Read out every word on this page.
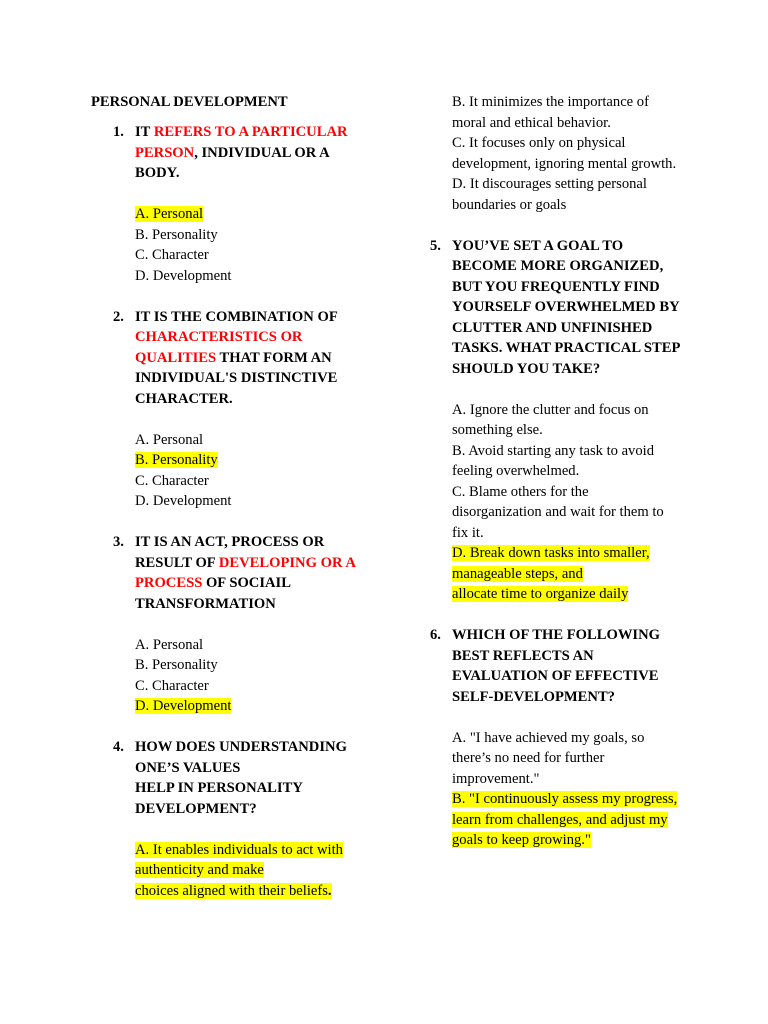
PERSONAL DEVELOPMENT
1. IT REFERS TO A PARTICULAR PERSON, INDIVIDUAL OR A BODY.
A. Personal
B. Personality
C. Character
D. Development
2. IT IS THE COMBINATION OF CHARACTERISTICS OR QUALITIES THAT FORM AN INDIVIDUAL'S DISTINCTIVE CHARACTER.
A. Personal
B. Personality
C. Character
D. Development
3. IT IS AN ACT, PROCESS OR RESULT OF DEVELOPING OR A PROCESS OF SOCIAIL TRANSFORMATION
A. Personal
B. Personality
C. Character
D. Development
4. HOW DOES UNDERSTANDING ONE’S VALUES
HELP IN PERSONALITY DEVELOPMENT?
A. It enables individuals to act with authenticity and make
choices aligned with their beliefs.
B. It minimizes the importance of moral and ethical behavior.
C. It focuses only on physical development, ignoring mental growth.
D. It discourages setting personal boundaries or goals
5. YOU’VE SET A GOAL TO BECOME MORE ORGANIZED, BUT YOU FREQUENTLY FIND YOURSELF OVERWHELMED BY CLUTTER AND UNFINISHED TASKS. WHAT PRACTICAL STEP SHOULD YOU TAKE?
A. Ignore the clutter and focus on something else.
B. Avoid starting any task to avoid feeling overwhelmed.
C. Blame others for the disorganization and wait for them to fix it.
D. Break down tasks into smaller, manageable steps, and
allocate time to organize daily
6. WHICH OF THE FOLLOWING BEST REFLECTS AN EVALUATION OF EFFECTIVE SELF-DEVELOPMENT?
A. "I have achieved my goals, so there’s no need for further improvement."
B. "I continuously assess my progress, learn from challenges, and adjust my goals to keep growing."
